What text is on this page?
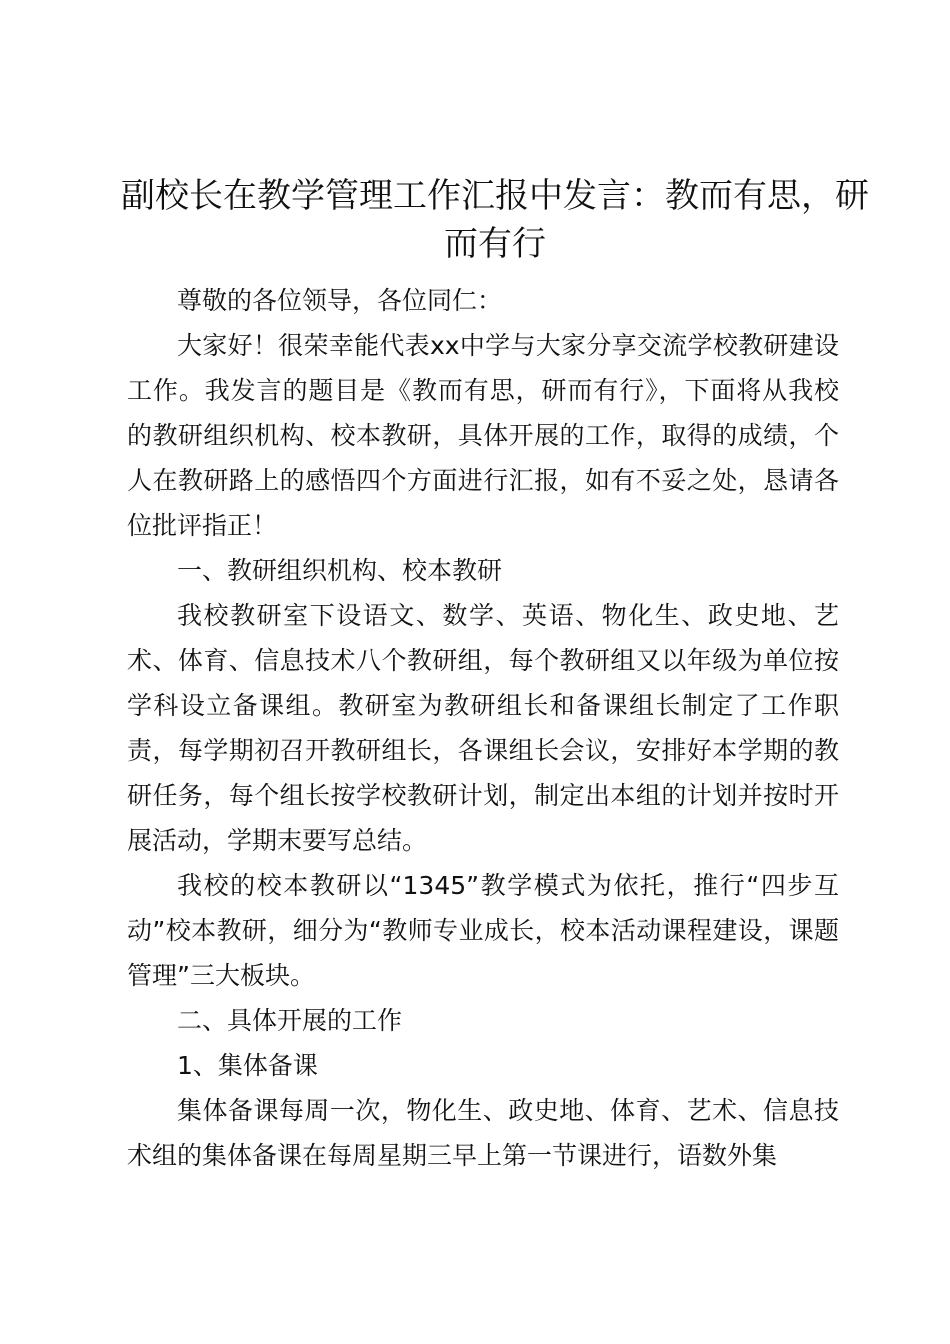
副校长在教学管理工作汇报中发言：教而有思，研而有行

尊敬的各位领导，各位同仁：

大家好！很荣幸能代表xx中学与大家分享交流学校教研建设工作。我发言的题目是《教而有思，研而有行》，下面将从我校的教研组织机构、校本教研，具体开展的工作，取得的成绩，个人在教研路上的感悟四个方面进行汇报，如有不妥之处，恳请各位批评指正！

一、教研组织机构、校本教研

我校教研室下设语文、数学、英语、物化生、政史地、艺术、体育、信息技术八个教研组，每个教研组又以年级为单位按学科设立备课组。教研室为教研组长和备课组长制定了工作职责，每学期初召开教研组长，各课组长会议，安排好本学期的教研任务，每个组长按学校教研计划，制定出本组的计划并按时开展活动，学期末要写总结。

我校的校本教研以“1345”教学模式为依托，推行“四步互动”校本教研，细分为“教师专业成长，校本活动课程建设，课题管理”三大板块。

二、具体开展的工作

1、集体备课

集体备课每周一次，物化生、政史地、体育、艺术、信息技术组的集体备课在每周星期三早上第一节课进行，语数外集
